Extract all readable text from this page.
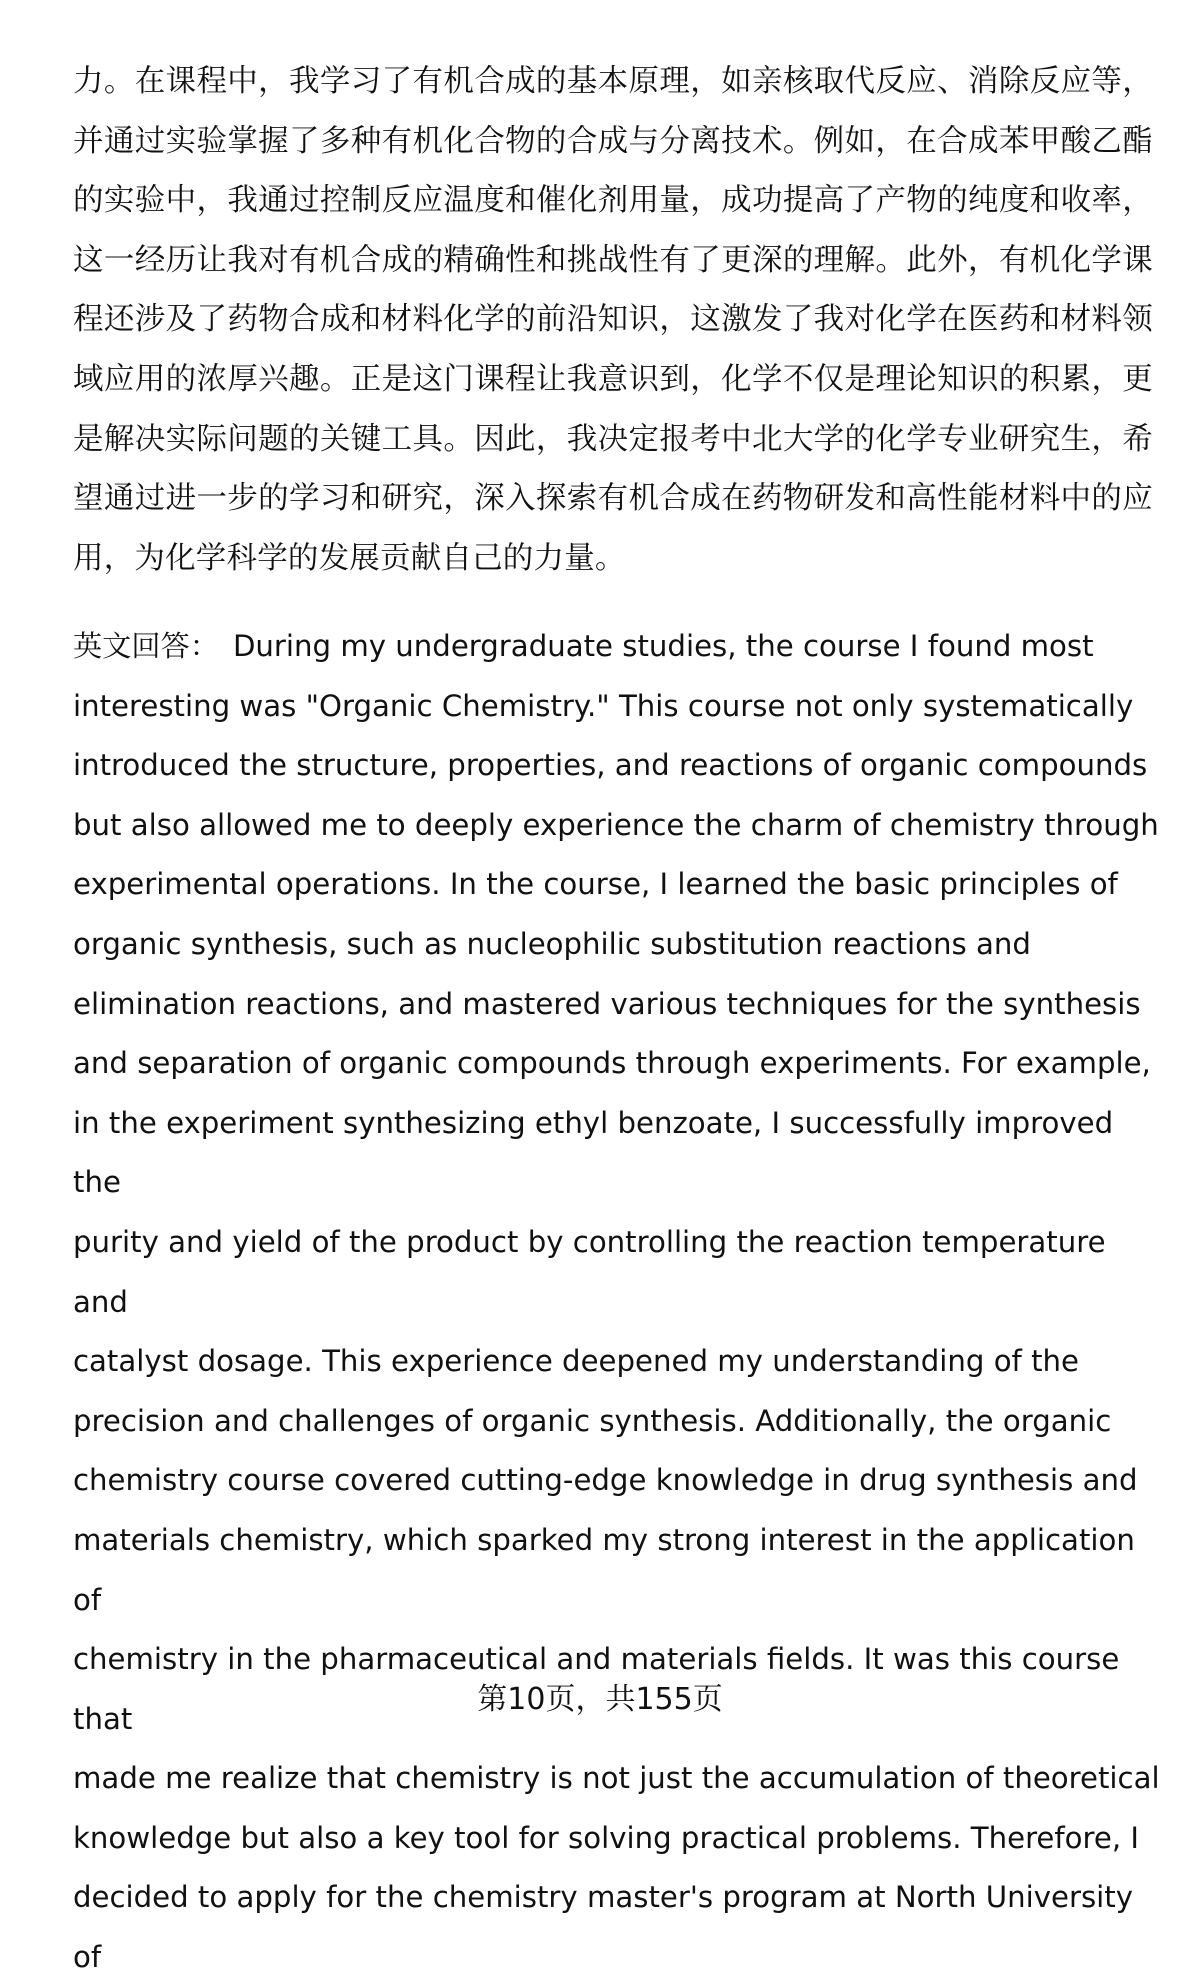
力。在课程中，我学习了有机合成的基本原理，如亲核取代反应、消除反应等，并通过实验掌握了多种有机化合物的合成与分离技术。例如，在合成苯甲酸乙酯的实验中，我通过控制反应温度和催化剂用量，成功提高了产物的纯度和收率，这一经历让我对有机合成的精确性和挑战性有了更深的理解。此外，有机化学课程还涉及了药物合成和材料化学的前沿知识，这激发了我对化学在医药和材料领域应用的浓厚兴趣。正是这门课程让我意识到，化学不仅是理论知识的积累，更是解决实际问题的关键工具。因此，我决定报考中北大学的化学专业研究生，希望通过进一步的学习和研究，深入探索有机合成在药物研发和高性能材料中的应用，为化学科学的发展贡献自己的力量。

英文回答： During my undergraduate studies, the course I found most
interesting was "Organic Chemistry." This course not only systematically
introduced the structure, properties, and reactions of organic compounds
but also allowed me to deeply experience the charm of chemistry through
experimental operations. In the course, I learned the basic principles of
organic synthesis, such as nucleophilic substitution reactions and
elimination reactions, and mastered various techniques for the synthesis
and separation of organic compounds through experiments. For example,
in the experiment synthesizing ethyl benzoate, I successfully improved the
purity and yield of the product by controlling the reaction temperature and
catalyst dosage. This experience deepened my understanding of the
precision and challenges of organic synthesis. Additionally, the organic
chemistry course covered cutting-edge knowledge in drug synthesis and
materials chemistry, which sparked my strong interest in the application of
chemistry in the pharmaceutical and materials fields. It was this course that
made me realize that chemistry is not just the accumulation of theoretical
knowledge but also a key tool for solving practical problems. Therefore, I
decided to apply for the chemistry master's program at North University of

第10页，共155页
